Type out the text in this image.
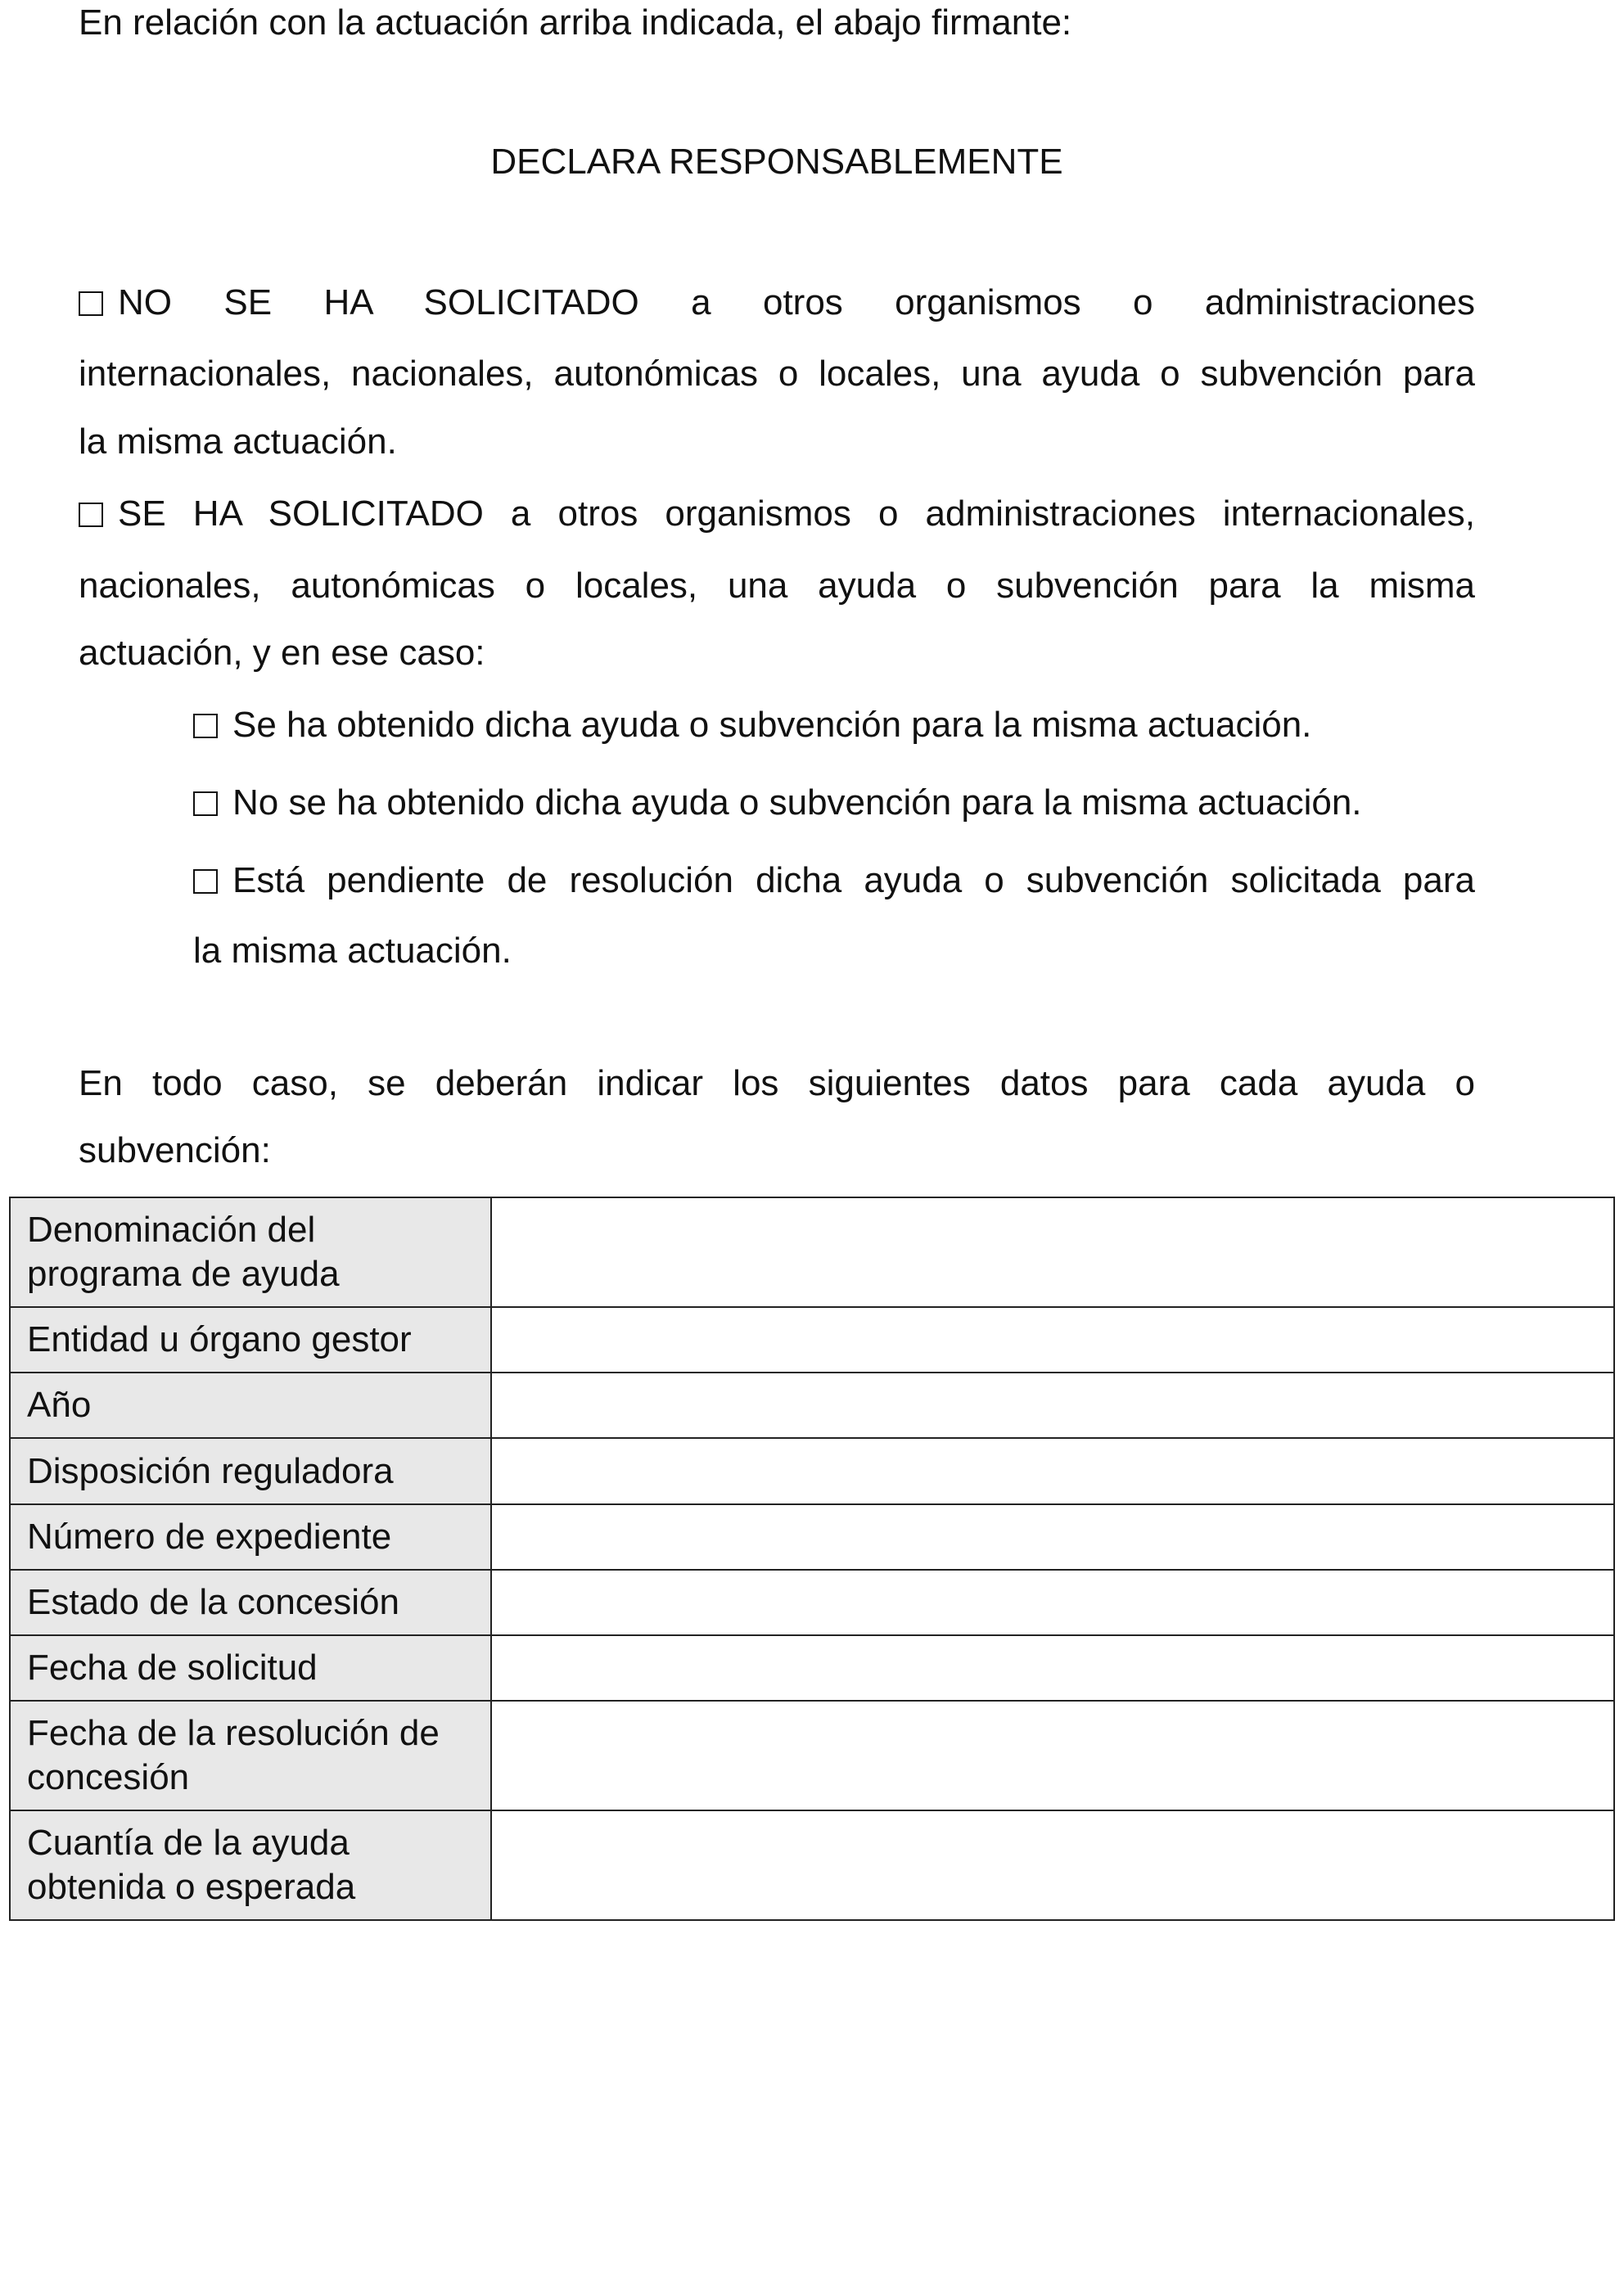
En relación con la actuación arriba indicada, el abajo firmante:
DECLARA RESPONSABLEMENTE
NO SE HA SOLICITADO a otros organismos o administraciones
internacionales, nacionales, autonómicas o locales, una ayuda o subvención para
la misma actuación.
SE HA SOLICITADO a otros organismos o administraciones internacionales,
nacionales, autonómicas o locales, una ayuda o subvención para la misma
actuación, y en ese caso:
Se ha obtenido dicha ayuda o subvención para la misma actuación.
No se ha obtenido dicha ayuda o subvención para la misma actuación.
Está pendiente de resolución dicha ayuda o subvención solicitada para
la misma actuación.
En todo caso, se deberán indicar los siguientes datos para cada ayuda o
subvención:
Denominación del programa de ayuda	
Entidad u órgano gestor	
Año	
Disposición reguladora	
Número de expediente	
Estado de la concesión	
Fecha de solicitud	
Fecha de la resolución de concesión	
Cuantía de la ayuda obtenida o esperada	
